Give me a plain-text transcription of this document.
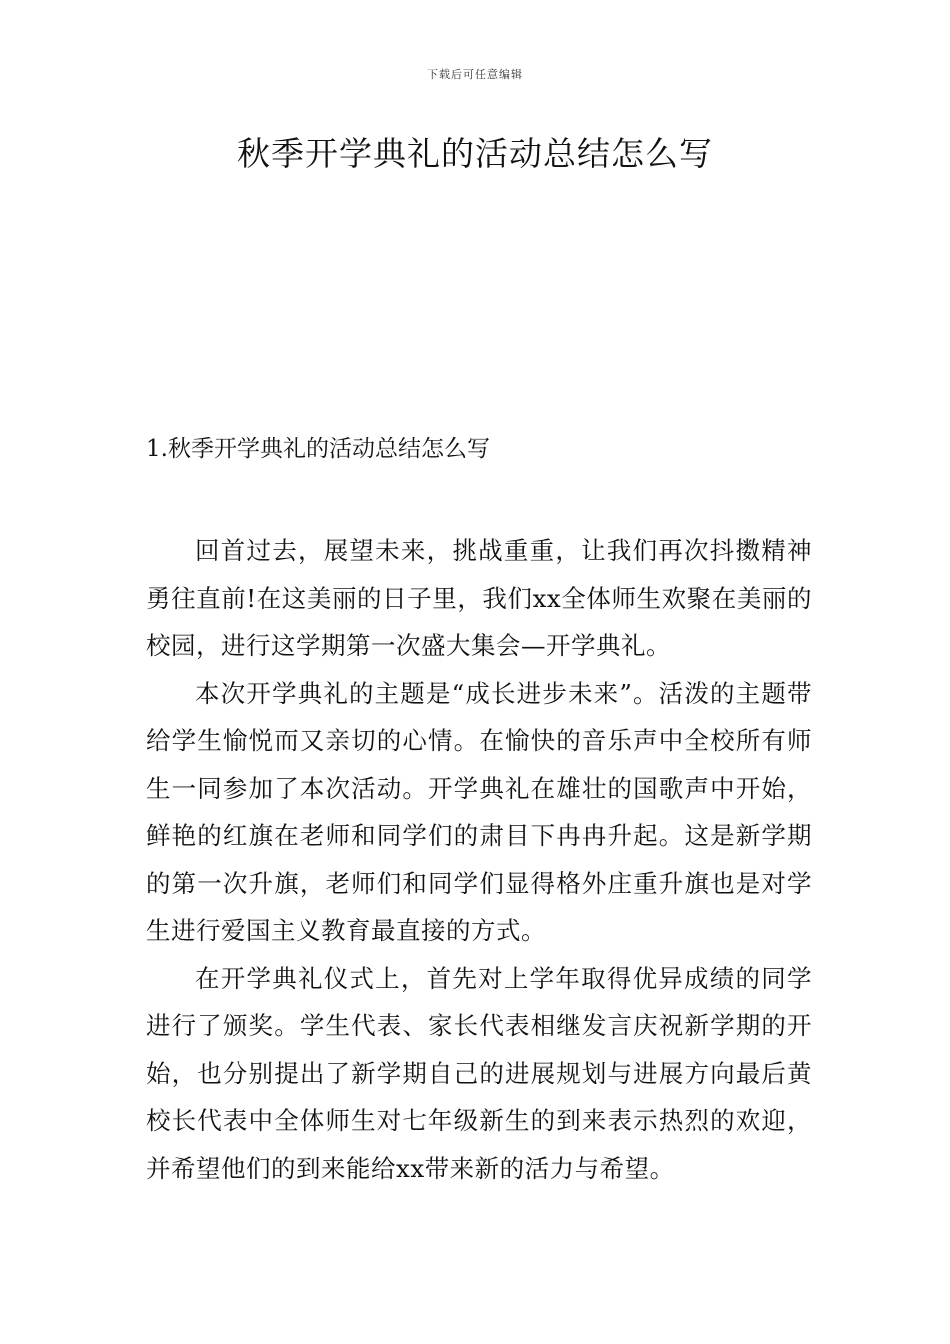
下载后可任意编辑
秋季开学典礼的活动总结怎么写
1.秋季开学典礼的活动总结怎么写

回首过去，展望未来，挑战重重，让我们再次抖擞精神勇往直前!在这美丽的日子里，我们xx全体师生欢聚在美丽的校园，进行这学期第一次盛大集会—开学典礼。

本次开学典礼的主题是“成长进步未来”。活泼的主题带给学生愉悦而又亲切的心情。在愉快的音乐声中全校所有师生一同参加了本次活动。开学典礼在雄壮的国歌声中开始，鲜艳的红旗在老师和同学们的肃目下冉冉升起。这是新学期的第一次升旗，老师们和同学们显得格外庄重升旗也是对学生进行爱国主义教育最直接的方式。

在开学典礼仪式上，首先对上学年取得优异成绩的同学进行了颁奖。学生代表、家长代表相继发言庆祝新学期的开始，也分别提出了新学期自己的进展规划与进展方向最后黄校长代表中全体师生对七年级新生的到来表示热烈的欢迎，并希望他们的到来能给xx带来新的活力与希望。
